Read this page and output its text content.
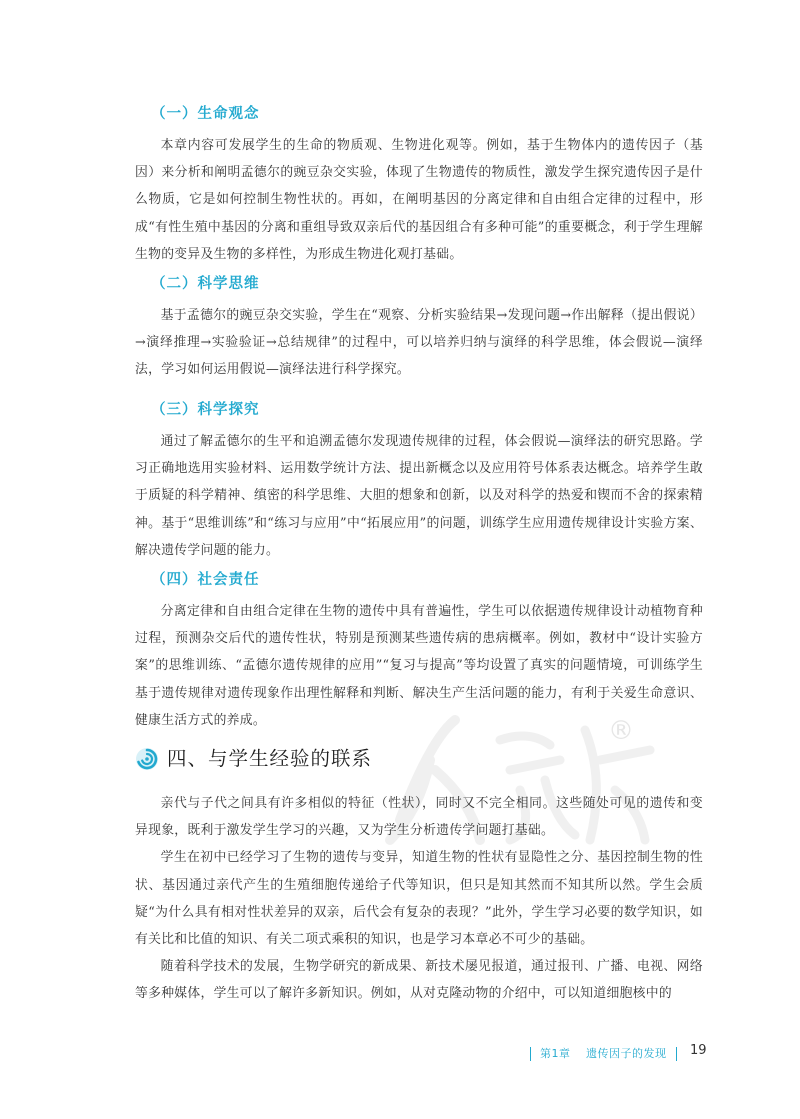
（一）生命观念

本章内容可发展学生的生命的物质观、生物进化观等。例如，基于生物体内的遗传因子（基因）来分析和阐明孟德尔的豌豆杂交实验，体现了生物遗传的物质性，激发学生探究遗传因子是什么物质，它是如何控制生物性状的。再如，在阐明基因的分离定律和自由组合定律的过程中，形成“有性生殖中基因的分离和重组导致双亲后代的基因组合有多种可能”的重要概念，利于学生理解生物的变异及生物的多样性，为形成生物进化观打基础。

（二）科学思维

基于孟德尔的豌豆杂交实验，学生在“观察、分析实验结果→发现问题→作出解释（提出假说）→演绎推理→实验验证→总结规律”的过程中，可以培养归纳与演绎的科学思维，体会假说—演绎法，学习如何运用假说—演绎法进行科学探究。

（三）科学探究

通过了解孟德尔的生平和追溯孟德尔发现遗传规律的过程，体会假说—演绎法的研究思路。学习正确地选用实验材料、运用数学统计方法、提出新概念以及应用符号体系表达概念。培养学生敢于质疑的科学精神、缜密的科学思维、大胆的想象和创新，以及对科学的热爱和锲而不舍的探索精神。基于“思维训练”和“练习与应用”中“拓展应用”的问题，训练学生应用遗传规律设计实验方案、解决遗传学问题的能力。

（四）社会责任

分离定律和自由组合定律在生物的遗传中具有普遍性，学生可以依据遗传规律设计动植物育种过程，预测杂交后代的遗传性状，特别是预测某些遗传病的患病概率。例如，教材中“设计实验方案”的思维训练、“孟德尔遗传规律的应用”“复习与提高”等均设置了真实的问题情境，可训练学生基于遗传规律对遗传现象作出理性解释和判断、解决生产生活问题的能力，有利于关爱生命意识、健康生活方式的养成。	®
四、与学生经验的联系

亲代与子代之间具有许多相似的特征（性状），同时又不完全相同。这些随处可见的遗传和变异现象，既利于激发学生学习的兴趣，又为学生分析遗传学问题打基础。

学生在初中已经学习了生物的遗传与变异，知道生物的性状有显隐性之分、基因控制生物的性状、基因通过亲代产生的生殖细胞传递给子代等知识，但只是知其然而不知其所以然。学生会质疑“为什么具有相对性状差异的双亲，后代会有复杂的表现？”此外，学生学习必要的数学知识，如有关比和比值的知识、有关二项式乘积的知识，也是学习本章必不可少的基础。

随着科学技术的发展，生物学研究的新成果、新技术屡见报道，通过报刊、广播、电视、网络等多种媒体，学生可以了解许多新知识。例如，从对克隆动物的介绍中，可以知道细胞核中的

第1章 遗传因子的发现 19
